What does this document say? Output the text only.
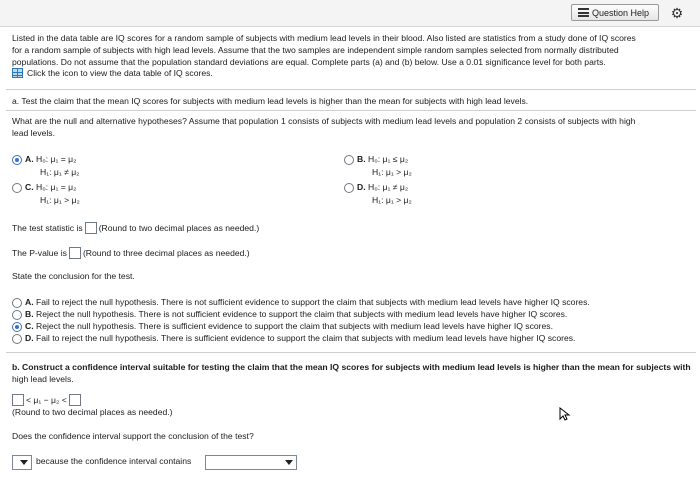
Question Help ⚙
Listed in the data table are IQ scores for a random sample of subjects with medium lead levels in their blood. Also listed are statistics from a study done of IQ scores
for a random sample of subjects with high lead levels. Assume that the two samples are independent simple random samples selected from normally distributed
populations. Do not assume that the population standard deviations are equal. Complete parts (a) and (b) below. Use a 0.01 significance level for both parts.
Click the icon to view the data table of IQ scores.
a. Test the claim that the mean IQ scores for subjects with medium lead levels is higher than the mean for subjects with high lead levels.
What are the null and alternative hypotheses? Assume that population 1 consists of subjects with medium lead levels and population 2 consists of subjects with high
lead levels.
A. H₀: μ₁ = μ₂
H₁: μ₁ ≠ μ₂
B. H₀: μ₁ ≤ μ₂
H₁: μ₁ > μ₂
C. H₀: μ₁ = μ₂
H₁: μ₁ > μ₂
D. H₀: μ₁ ≠ μ₂
H₁: μ₁ > μ₂
The test statistic is (Round to two decimal places as needed.)
The P-value is (Round to three decimal places as needed.)
State the conclusion for the test.
A. Fail to reject the null hypothesis. There is not sufficient evidence to support the claim that subjects with medium lead levels have higher IQ scores.
B. Reject the null hypothesis. There is not sufficient evidence to support the claim that subjects with medium lead levels have higher IQ scores.
C. Reject the null hypothesis. There is sufficient evidence to support the claim that subjects with medium lead levels have higher IQ scores.
D. Fail to reject the null hypothesis. There is sufficient evidence to support the claim that subjects with medium lead levels have higher IQ scores.
b. Construct a confidence interval suitable for testing the claim that the mean IQ scores for subjects with medium lead levels is higher than the mean for subjects with
high lead levels.
< μ₁ − μ₂ <
(Round to two decimal places as needed.)
Does the confidence interval support the conclusion of the test?
because the confidence interval contains
